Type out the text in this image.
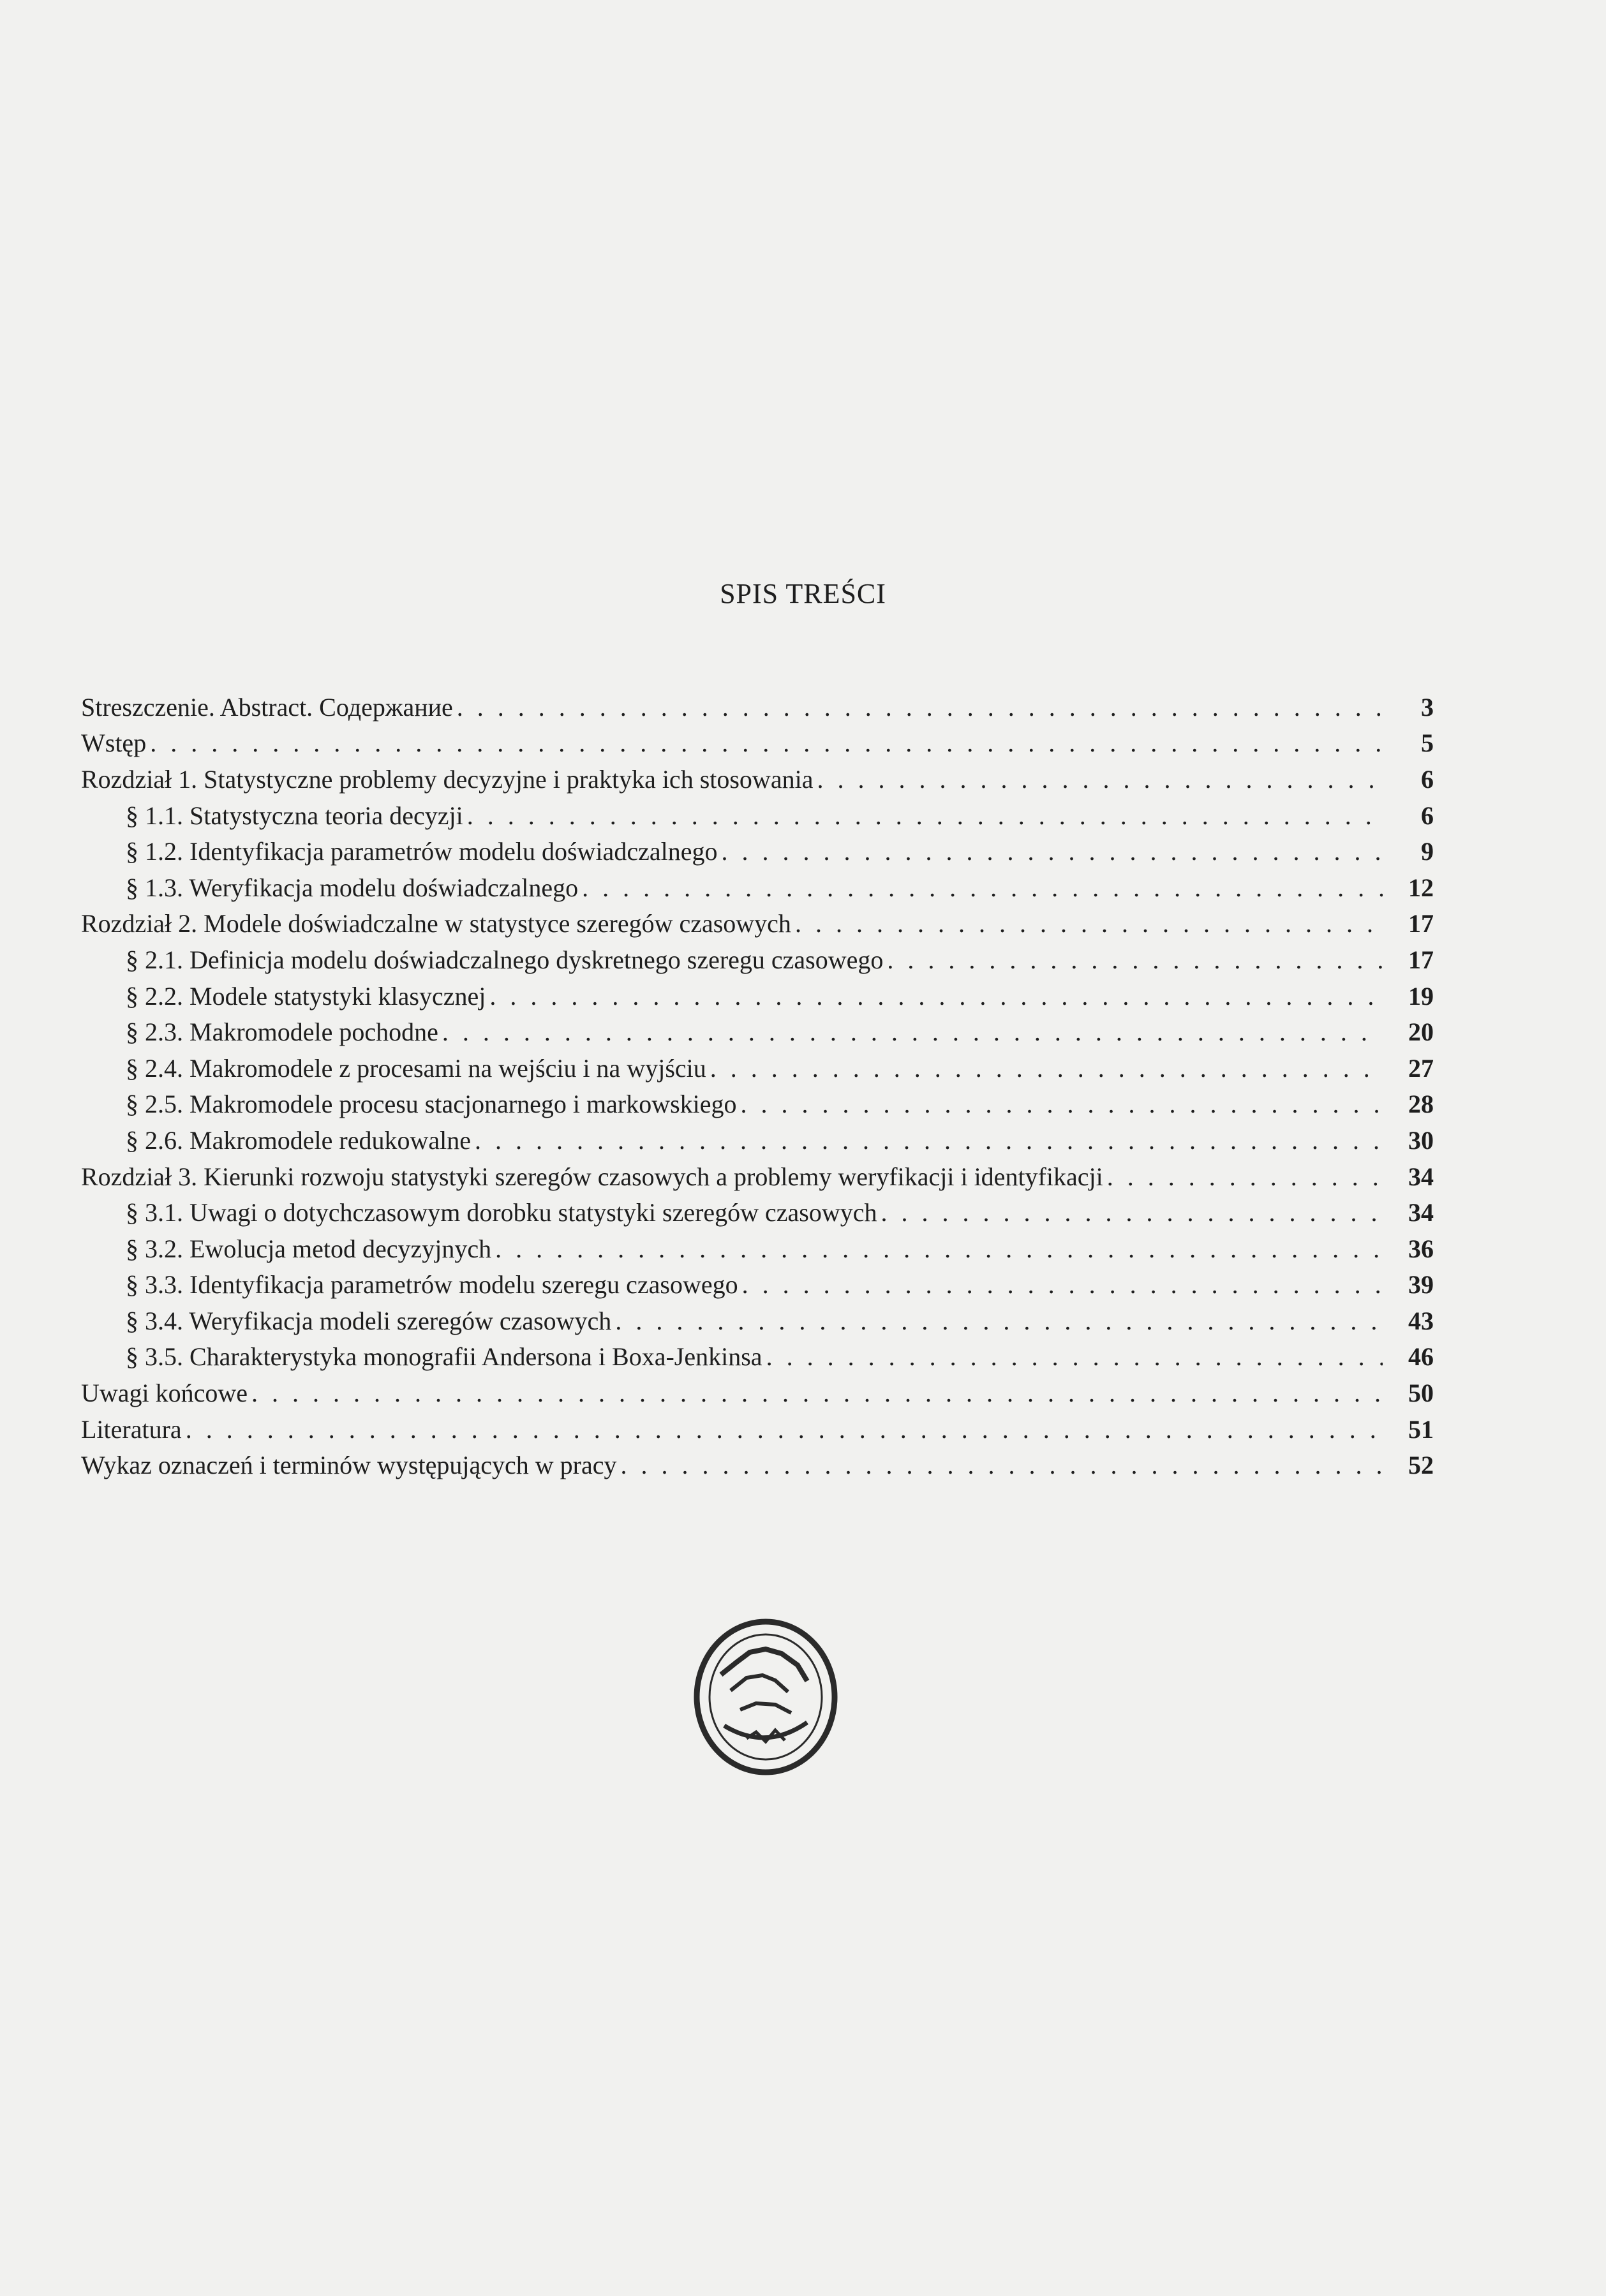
SPIS TREŚCI
Streszczenie. Abstract. Содержание . . .	3
Wstęp . . .	5
Rozdział 1. Statystyczne problemy decyzyjne i praktyka ich stosowania . . .	6
§ 1.1. Statystyczna teoria decyzji . . .	6
§ 1.2. Identyfikacja parametrów modelu doświadczalnego . . .	9
§ 1.3. Weryfikacja modelu doświadczalnego . . .	12
Rozdział 2. Modele doświadczalne w statystyce szeregów czasowych . . .	17
§ 2.1. Definicja modelu doświadczalnego dyskretnego szeregu czasowego . . .	17
§ 2.2. Modele statystyki klasycznej . . .	19
§ 2.3. Makromodele pochodne . . .	20
§ 2.4. Makromodele z procesami na wejściu i na wyjściu . . .	27
§ 2.5. Makromodele procesu stacjonarnego i markowskiego . . .	28
§ 2.6. Makromodele redukowalne . . .	30
Rozdział 3. Kierunki rozwoju statystyki szeregów czasowych a problemy weryfikacji i identyfikacji . . .	34
§ 3.1. Uwagi o dotychczasowym dorobku statystyki szeregów czasowych . . .	34
§ 3.2. Ewolucja metod decyzyjnych . . .	36
§ 3.3. Identyfikacja parametrów modelu szeregu czasowego . . .	39
§ 3.4. Weryfikacja modeli szeregów czasowych . . .	43
§ 3.5. Charakterystyka monografii Andersona i Boxa-Jenkinsa . . .	46
Uwagi końcowe . . .	50
Literatura . . .	51
Wykaz oznaczeń i terminów występujących w pracy . . .	52
